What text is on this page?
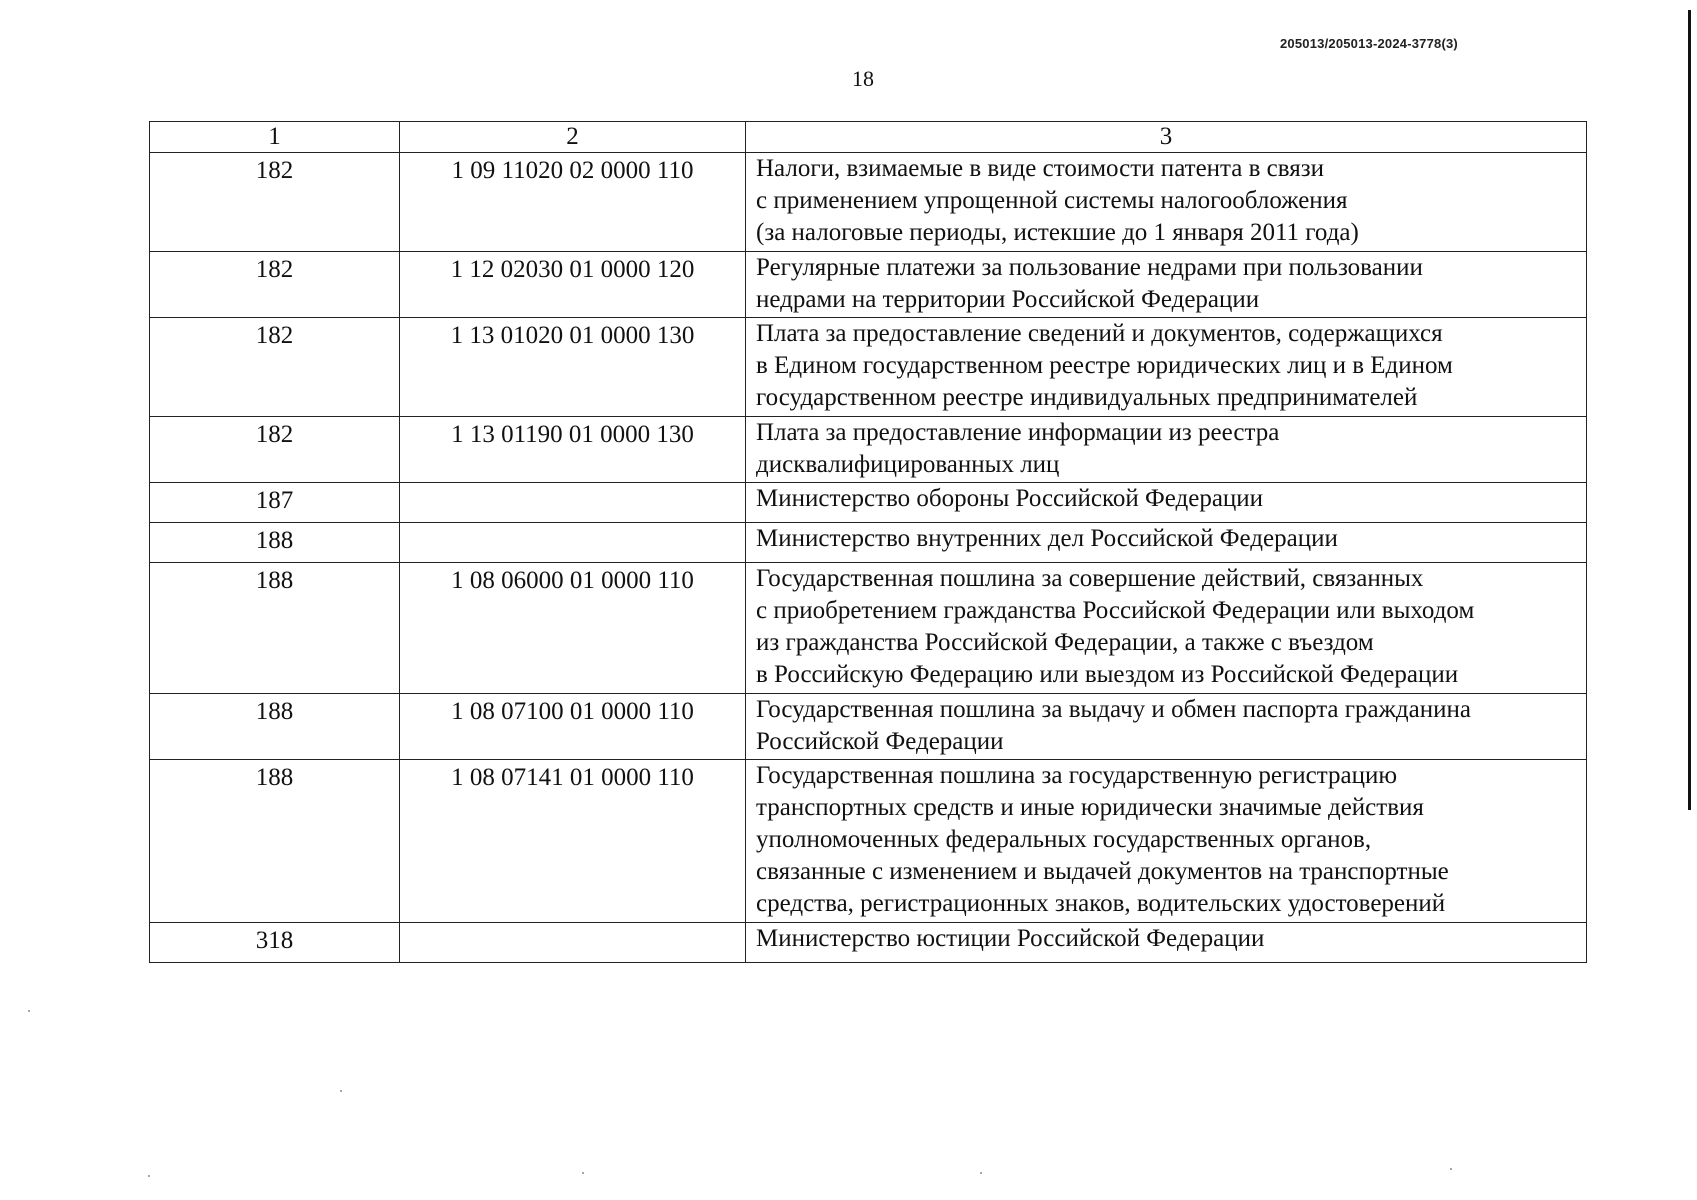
205013/205013-2024-3778(3)
18
1	2	3
182	1 09 11020 02 0000 110	Налоги, взимаемые в виде стоимости патента в связи
с применением упрощенной системы налогообложения
(за налоговые периоды, истекшие до 1 января 2011 года)

182	1 12 02030 01 0000 120	Регулярные платежи за пользование недрами при пользовании
недрами на территории Российской Федерации

182	1 13 01020 01 0000 130	Плата за предоставление сведений и документов, содержащихся
в Едином государственном реестре юридических лиц и в Едином
государственном реестре индивидуальных предпринимателей

182	1 13 01190 01 0000 130	Плата за предоставление информации из реестра
дисквалифицированных лиц

187		Министерство обороны Российской Федерации

188		Министерство внутренних дел Российской Федерации

188	1 08 06000 01 0000 110	Государственная пошлина за совершение действий, связанных
с приобретением гражданства Российской Федерации или выходом
из гражданства Российской Федерации, а также с въездом
в Российскую Федерацию или выездом из Российской Федерации

188	1 08 07100 01 0000 110	Государственная пошлина за выдачу и обмен паспорта гражданина
Российской Федерации

188	1 08 07141 01 0000 110	Государственная пошлина за государственную регистрацию
транспортных средств и иные юридически значимые действия
уполномоченных федеральных государственных органов,
связанные с изменением и выдачей документов на транспортные
средства, регистрационных знаков, водительских удостоверений

318		Министерство юстиции Российской Федерации
